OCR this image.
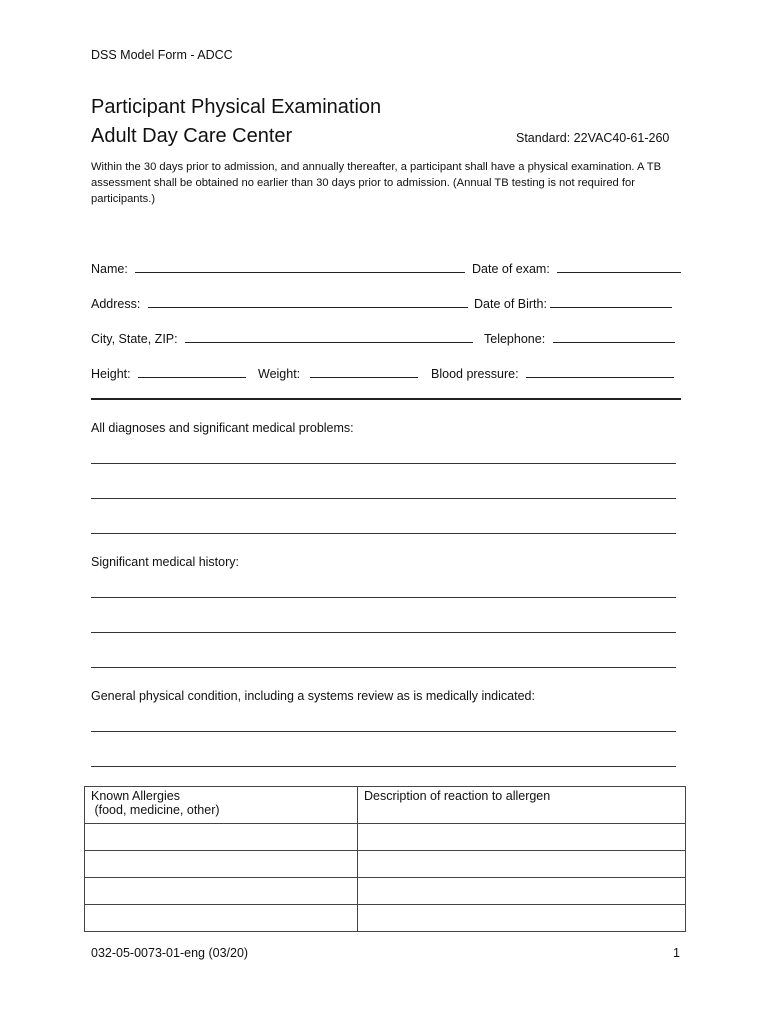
DSS Model Form - ADCC
Participant Physical Examination
Adult Day Care Center	Standard: 22VAC40-61-260
Within the 30 days prior to admission, and annually thereafter, a participant shall have a physical examination. A TB assessment shall be obtained no earlier than 30 days prior to admission. (Annual TB testing is not required for participants.)
Name:	Date of exam:
Address:	Date of Birth:
City, State, ZIP:	Telephone:
Height:	Weight:	Blood pressure:
All diagnoses and significant medical problems:
Significant medical history:
General physical condition, including a systems review as is medically indicated:
Known Allergies
(food, medicine, other)	Description of reaction to allergen

032-05-0073-01-eng (03/20)	1
